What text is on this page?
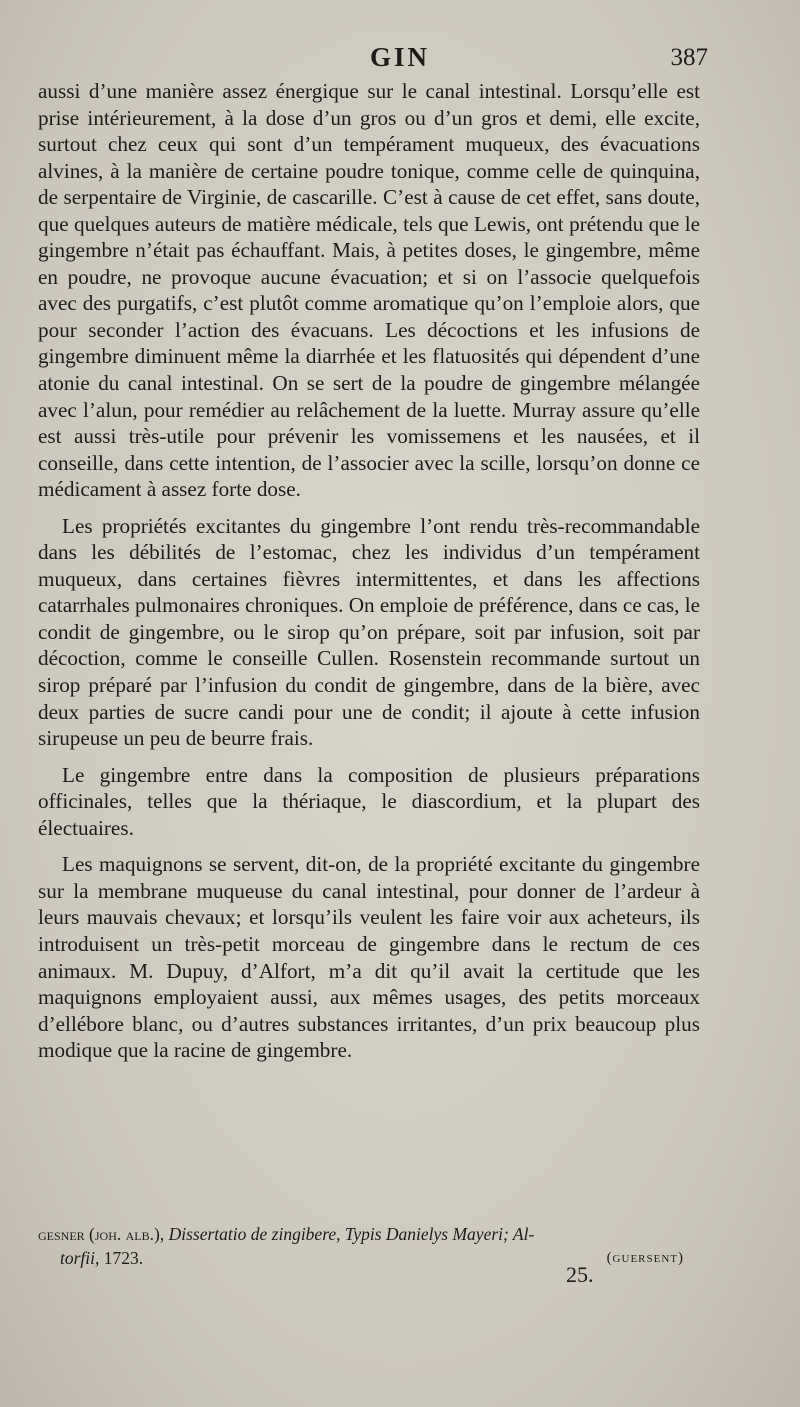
GIN	387

aussi d’une manière assez énergique sur le canal intestinal. Lorsqu’elle est prise intérieurement, à la dose d’un gros ou d’un gros et demi, elle excite, surtout chez ceux qui sont d’un tempérament muqueux, des évacuations alvines, à la manière de certaine poudre tonique, comme celle de quinquina, de serpentaire de Virginie, de cascarille. C’est à cause de cet effet, sans doute, que quelques auteurs de matière médicale, tels que Lewis, ont prétendu que le gingembre n’était pas échauffant. Mais, à petites doses, le gingembre, même en poudre, ne provoque aucune évacuation; et si on l’associe quelquefois avec des purgatifs, c’est plutôt comme aromatique qu’on l’emploie alors, que pour seconder l’action des évacuans. Les décoctions et les infusions de gingembre diminuent même la diarrhée et les flatuosités qui dépendent d’une atonie du canal intestinal. On se sert de la poudre de gingembre mélangée avec l’alun, pour remédier au relâchement de la luette. Murray assure qu’elle est aussi très-utile pour prévenir les vomissemens et les nausées, et il conseille, dans cette intention, de l’associer avec la scille, lorsqu’on donne ce médicament à assez forte dose.

Les propriétés excitantes du gingembre l’ont rendu très-recommandable dans les débilités de l’estomac, chez les individus d’un tempérament muqueux, dans certaines fièvres intermittentes, et dans les affections catarrhales pulmonaires chroniques. On emploie de préférence, dans ce cas, le condit de gingembre, ou le sirop qu’on prépare, soit par infusion, soit par décoction, comme le conseille Cullen. Rosenstein recommande surtout un sirop préparé par l’infusion du condit de gingembre, dans de la bière, avec deux parties de sucre candi pour une de condit; il ajoute à cette infusion sirupeuse un peu de beurre frais.

Le gingembre entre dans la composition de plusieurs préparations officinales, telles que la thériaque, le diascordium, et la plupart des électuaires.

Les maquignons se servent, dit-on, de la propriété excitante du gingembre sur la membrane muqueuse du canal intestinal, pour donner de l’ardeur à leurs mauvais chevaux; et lorsqu’ils veulent les faire voir aux acheteurs, ils introduisent un très-petit morceau de gingembre dans le rectum de ces animaux. M. Dupuy, d’Alfort, m’a dit qu’il avait la certitude que les maquignons employaient aussi, aux mêmes usages, des petits morceaux d’ellébore blanc, ou d’autres substances irritantes, d’un prix beaucoup plus modique que la racine de gingembre.

gesner (joh. alb.), Dissertatio de zingibere, Typis Danielys Mayeri; Al-
torfii, 1723.	(guersent)
25.
